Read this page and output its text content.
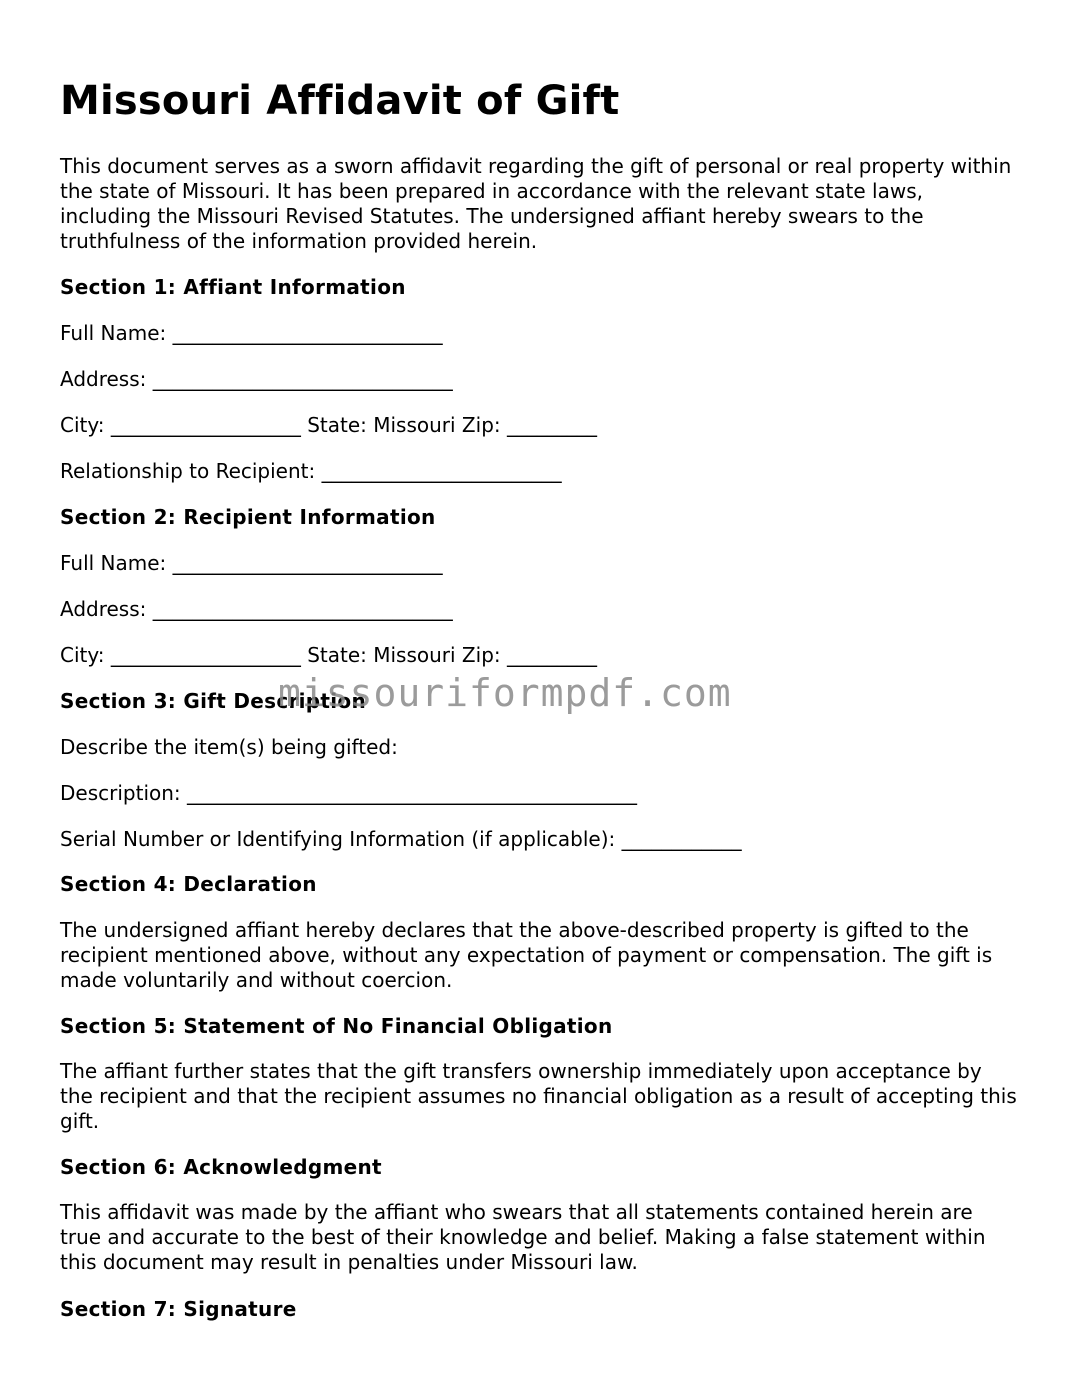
Missouri Affidavit of Gift

This document serves as a sworn affidavit regarding the gift of personal or real property within the state of Missouri. It has been prepared in accordance with the relevant state laws, including the Missouri Revised Statutes. The undersigned affiant hereby swears to the truthfulness of the information provided herein.

Section 1: Affiant Information

Full Name: ___________________________

Address: ______________________________

City: ___________________ State: Missouri Zip: _________

Relationship to Recipient: ________________________

Section 2: Recipient Information

Full Name: ___________________________

Address: ______________________________

City: ___________________ State: Missouri Zip: _________

Section 3: Gift Description

Describe the item(s) being gifted:

Description: _____________________________________________

Serial Number or Identifying Information (if applicable): ____________

Section 4: Declaration

The undersigned affiant hereby declares that the above-described property is gifted to the recipient mentioned above, without any expectation of payment or compensation. The gift is made voluntarily and without coercion.

Section 5: Statement of No Financial Obligation

The affiant further states that the gift transfers ownership immediately upon acceptance by the recipient and that the recipient assumes no financial obligation as a result of accepting this gift.

Section 6: Acknowledgment

This affidavit was made by the affiant who swears that all statements contained herein are true and accurate to the best of their knowledge and belief. Making a false statement within this document may result in penalties under Missouri law.

Section 7: Signature
missouriformpdf.com
